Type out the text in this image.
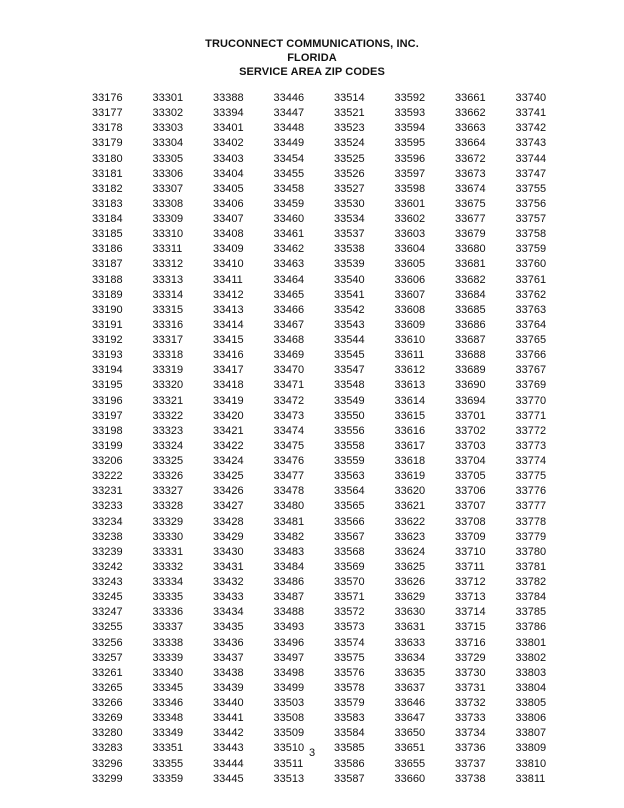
TRUCONNECT COMMUNICATIONS, INC.
FLORIDA
SERVICE AREA ZIP CODES
33176
33177
33178
33179
33180
33181
33182
33183
33184
33185
33186
33187
33188
33189
33190
33191
33192
33193
33194
33195
33196
33197
33198
33199
33206
33222
33231
33233
33234
33238
33239
33242
33243
33245
33247
33255
33256
33257
33261
33265
33266
33269
33280
33283
33296
33299
33301
33302
33303
33304
33305
33306
33307
33308
33309
33310
33311
33312
33313
33314
33315
33316
33317
33318
33319
33320
33321
33322
33323
33324
33325
33326
33327
33328
33329
33330
33331
33332
33334
33335
33336
33337
33338
33339
33340
33345
33346
33348
33349
33351
33355
33359
33388
33394
33401
33402
33403
33404
33405
33406
33407
33408
33409
33410
33411
33412
33413
33414
33415
33416
33417
33418
33419
33420
33421
33422
33424
33425
33426
33427
33428
33429
33430
33431
33432
33433
33434
33435
33436
33437
33438
33439
33440
33441
33442
33443
33444
33445
33446
33447
33448
33449
33454
33455
33458
33459
33460
33461
33462
33463
33464
33465
33466
33467
33468
33469
33470
33471
33472
33473
33474
33475
33476
33477
33478
33480
33481
33482
33483
33484
33486
33487
33488
33493
33496
33497
33498
33499
33503
33508
33509
33510
33511
33513
33514
33521
33523
33524
33525
33526
33527
33530
33534
33537
33538
33539
33540
33541
33542
33543
33544
33545
33547
33548
33549
33550
33556
33558
33559
33563
33564
33565
33566
33567
33568
33569
33570
33571
33572
33573
33574
33575
33576
33578
33579
33583
33584
33585
33586
33587
33592
33593
33594
33595
33596
33597
33598
33601
33602
33603
33604
33605
33606
33607
33608
33609
33610
33611
33612
33613
33614
33615
33616
33617
33618
33619
33620
33621
33622
33623
33624
33625
33626
33629
33630
33631
33633
33634
33635
33637
33646
33647
33650
33651
33655
33660
33661
33662
33663
33664
33672
33673
33674
33675
33677
33679
33680
33681
33682
33684
33685
33686
33687
33688
33689
33690
33694
33701
33702
33703
33704
33705
33706
33707
33708
33709
33710
33711
33712
33713
33714
33715
33716
33729
33730
33731
33732
33733
33734
33736
33737
33738
33740
33741
33742
33743
33744
33747
33755
33756
33757
33758
33759
33760
33761
33762
33763
33764
33765
33766
33767
33769
33770
33771
33772
33773
33774
33775
33776
33777
33778
33779
33780
33781
33782
33784
33785
33786
33801
33802
33803
33804
33805
33806
33807
33809
33810
33811
3
